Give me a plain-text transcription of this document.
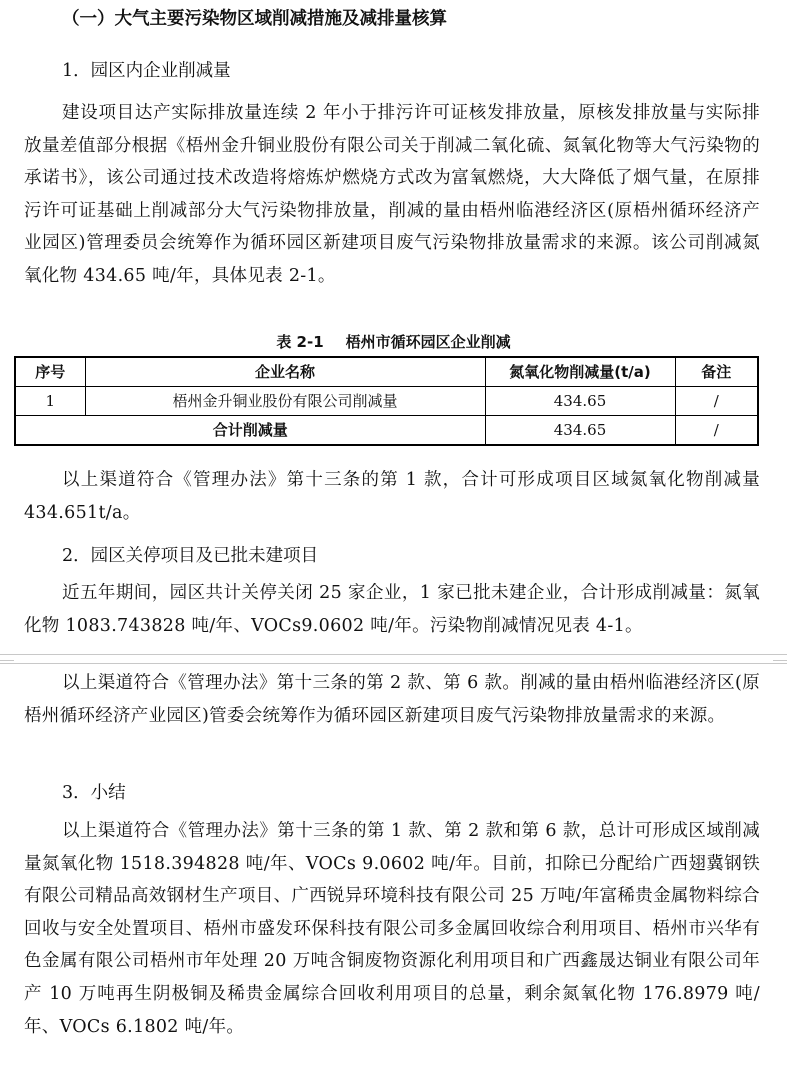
（一）大气主要污染物区域削减措施及减排量核算
1．园区内企业削减量

建设项目达产实际排放量连续 2 年小于排污许可证核发排放量，原核发排放量与实际排放量差值部分根据《梧州金升铜业股份有限公司关于削减二氧化硫、氮氧化物等大气污染物的承诺书》，该公司通过技术改造将熔炼炉燃烧方式改为富氧燃烧，大大降低了烟气量，在原排污许可证基础上削减部分大气污染物排放量，削减的量由梧州临港经济区(原梧州循环经济产业园区)管理委员会统筹作为循环园区新建项目废气污染物排放量需求的来源。该公司削减氮氧化物 434.65 吨/年，具体见表 2-1。

表 2-1 梧州市循环园区企业削减
序号	企业名称	氮氧化物削减量(t/a)	备注
1	梧州金升铜业股份有限公司削减量	434.65	/
合计削减量		434.65	/

以上渠道符合《管理办法》第十三条的第 1 款，合计可形成项目区域氮氧化物削减量 434.651t/a。

2．园区关停项目及已批未建项目

近五年期间，园区共计关停关闭 25 家企业，1 家已批未建企业，合计形成削减量：氮氧化物 1083.743828 吨/年、VOCs9.0602 吨/年。污染物削减情况见表 4-1。

以上渠道符合《管理办法》第十三条的第 2 款、第 6 款。削减的量由梧州临港经济区(原梧州循环经济产业园区)管委会统筹作为循环园区新建项目废气污染物排放量需求的来源。

3．小结

以上渠道符合《管理办法》第十三条的第 1 款、第 2 款和第 6 款，总计可形成区域削减量氮氧化物 1518.394828 吨/年、VOCs 9.0602 吨/年。目前，扣除已分配给广西翅冀钢铁有限公司精品高效钢材生产项目、广西锐异环境科技有限公司 25 万吨/年富稀贵金属物料综合回收与安全处置项目、梧州市盛发环保科技有限公司多金属回收综合利用项目、梧州市兴华有色金属有限公司梧州市年处理 20 万吨含铜废物资源化利用项目和广西鑫晟达铜业有限公司年产 10 万吨再生阴极铜及稀贵金属综合回收利用项目的总量，剩余氮氧化物 176.8979 吨/年、VOCs 6.1802 吨/年。
